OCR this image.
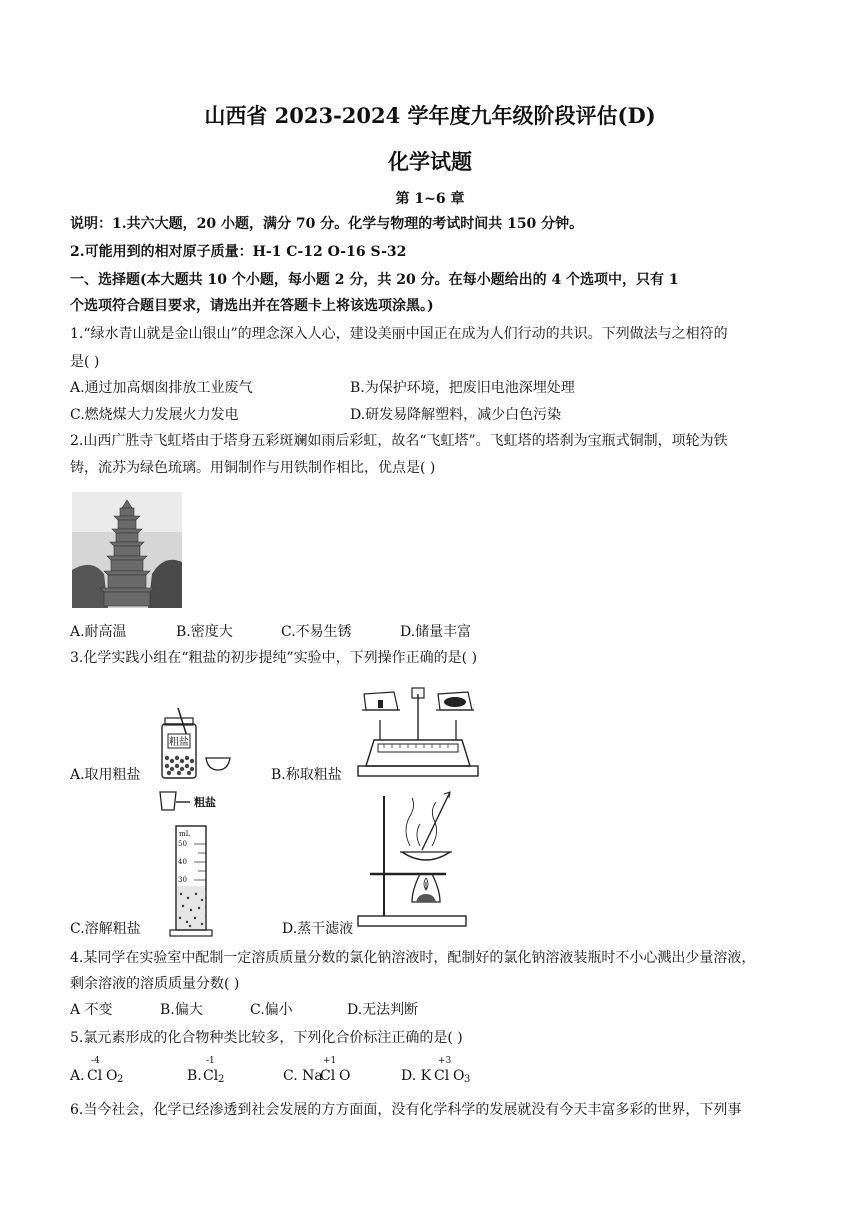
山西省 2023-2024 学年度九年级阶段评估(D)
化学试题
第 1~6 章
说明：1.共六大题，20 小题，满分 70 分。化学与物理的考试时间共 150 分钟。
2.可能用到的相对原子质量：H-1 C-12 O-16 S-32
一、选择题(本大题共 10 个小题，每小题 2 分，共 20 分。在每小题给出的 4 个选项中，只有 1
个选项符合题目要求，请选出并在答题卡上将该选项涂黑。)
1.“绿水青山就是金山银山”的理念深入人心，建设美丽中国正在成为人们行动的共识。下列做法与之相符的
是( )
A.通过加高烟囱排放工业废气	B.为保护环境，把废旧电池深埋处理
C.燃烧煤大力发展火力发电	D.研发易降解塑料，减少白色污染
2.山西广胜寺飞虹塔由于塔身五彩斑斓如雨后彩虹，故名“飞虹塔”。飞虹塔的塔刹为宝瓶式铜制，项轮为铁
铸，流苏为绿色琉璃。用铜制作与用铁制作相比，优点是( )
A.耐高温	B.密度大	C.不易生锈	D.储量丰富
3.化学实践小组在“粗盐的初步提纯”实验中，下列操作正确的是( )
粗盐
A.取用粗盐	B.称取粗盐
粗盐
mL
50
40
30
C.溶解粗盐	D.蒸干滤液
4.某同学在实验室中配制一定溶质质量分数的氯化钠溶液时，配制好的氯化钠溶液装瓶时不小心溅出少量溶液，
剩余溶液的溶质质量分数( )
A 不变	B.偏大	C.偏小	D.无法判断
5.氯元素形成的化合物种类比较多，下列化合价标注正确的是( )
A.
-4
Cl O 2	B.
-1
Cl 2	C. Na
+1
Cl O	D. K
+3
Cl O 3
6.当今社会，化学已经渗透到社会发展的方方面面，没有化学科学的发展就没有今天丰富多彩的世界，下列事
